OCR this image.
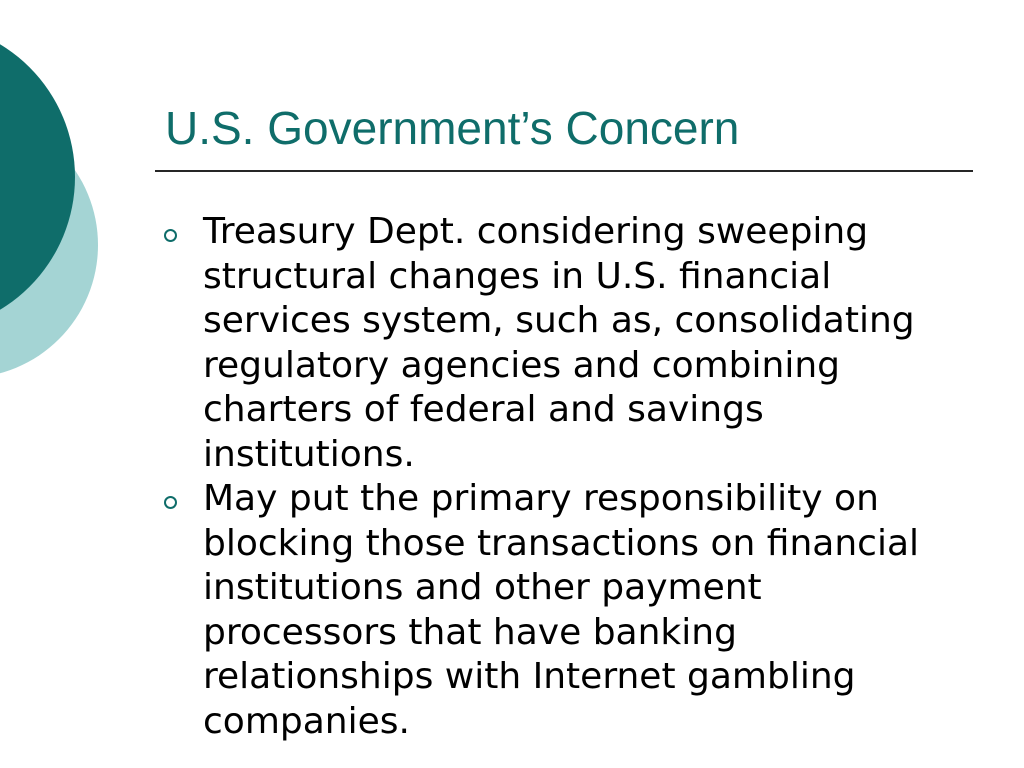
U.S. Government’s Concern
Treasury Dept. considering sweeping structural changes in U.S. financial services system, such as, consolidating regulatory agencies and combining charters of federal and savings institutions.
May put the primary responsibility on blocking those transactions on financial institutions and other payment processors that have banking relationships with Internet gambling companies.
